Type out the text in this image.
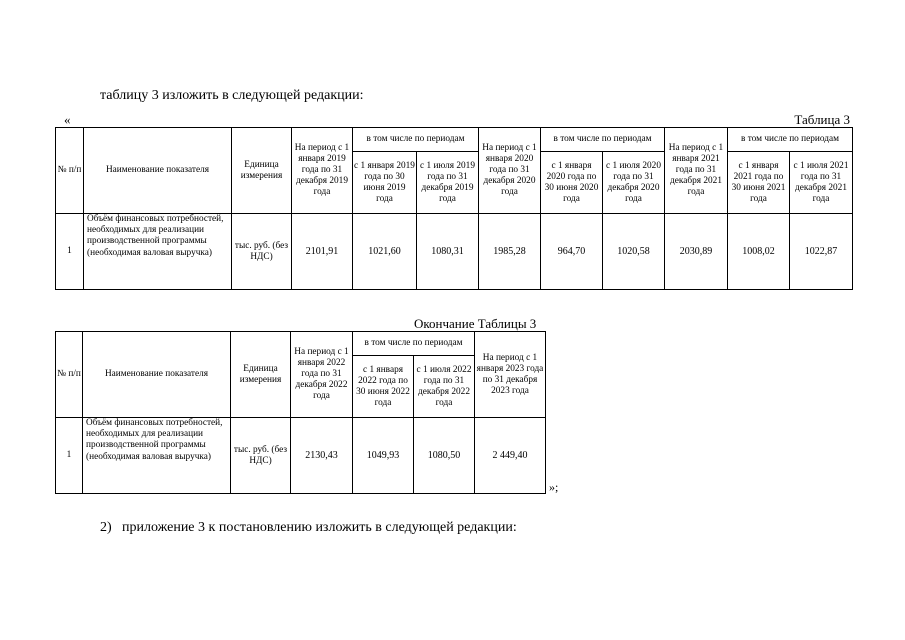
таблицу 3 изложить в следующей редакции:
«	Таблица 3
№ п/п	Наименование показателя	Единица измерения	На период с 1 января 2019 года по 31 декабря 2019 года	в том числе по периодам		На период с 1 января 2020 года по 31 декабря 2020 года	в том числе по периодам		На период с 1 января 2021 года по 31 декабря 2021 года	в том числе по периодам	
				с 1 января 2019 года по 30 июня 2019 года	с 1 июля 2019 года по 31 декабря 2019 года		с 1 января 2020 года по 30 июня 2020 года	с 1 июля 2020 года по 31 декабря 2020 года		с 1 января 2021 года по 30 июня 2021 года	с 1 июля 2021 года по 31 декабря 2021 года
1	Объём финансовых потребностей, необходимых для реализации производственной программы (необходимая валовая выручка)	тыс. руб. (без НДС)	2101,91	1021,60	1080,31	1985,28	964,70	1020,58	2030,89	1008,02	1022,87
Окончание Таблицы 3
№ п/п	Наименование показателя	Единица измерения	На период с 1 января 2022 года по 31 декабря 2022 года	в том числе по периодам		На период с 1 января 2023 года по 31 декабря 2023 года
				с 1 января 2022 года по 30 июня 2022 года	с 1 июля 2022 года по 31 декабря 2022 года	
1	Объём финансовых потребностей, необходимых для реализации производственной программы (необходимая валовая выручка)	тыс. руб. (без НДС)	2130,43	1049,93	1080,50	2 449,40
»;
2) приложение 3 к постановлению изложить в следующей редакции:
